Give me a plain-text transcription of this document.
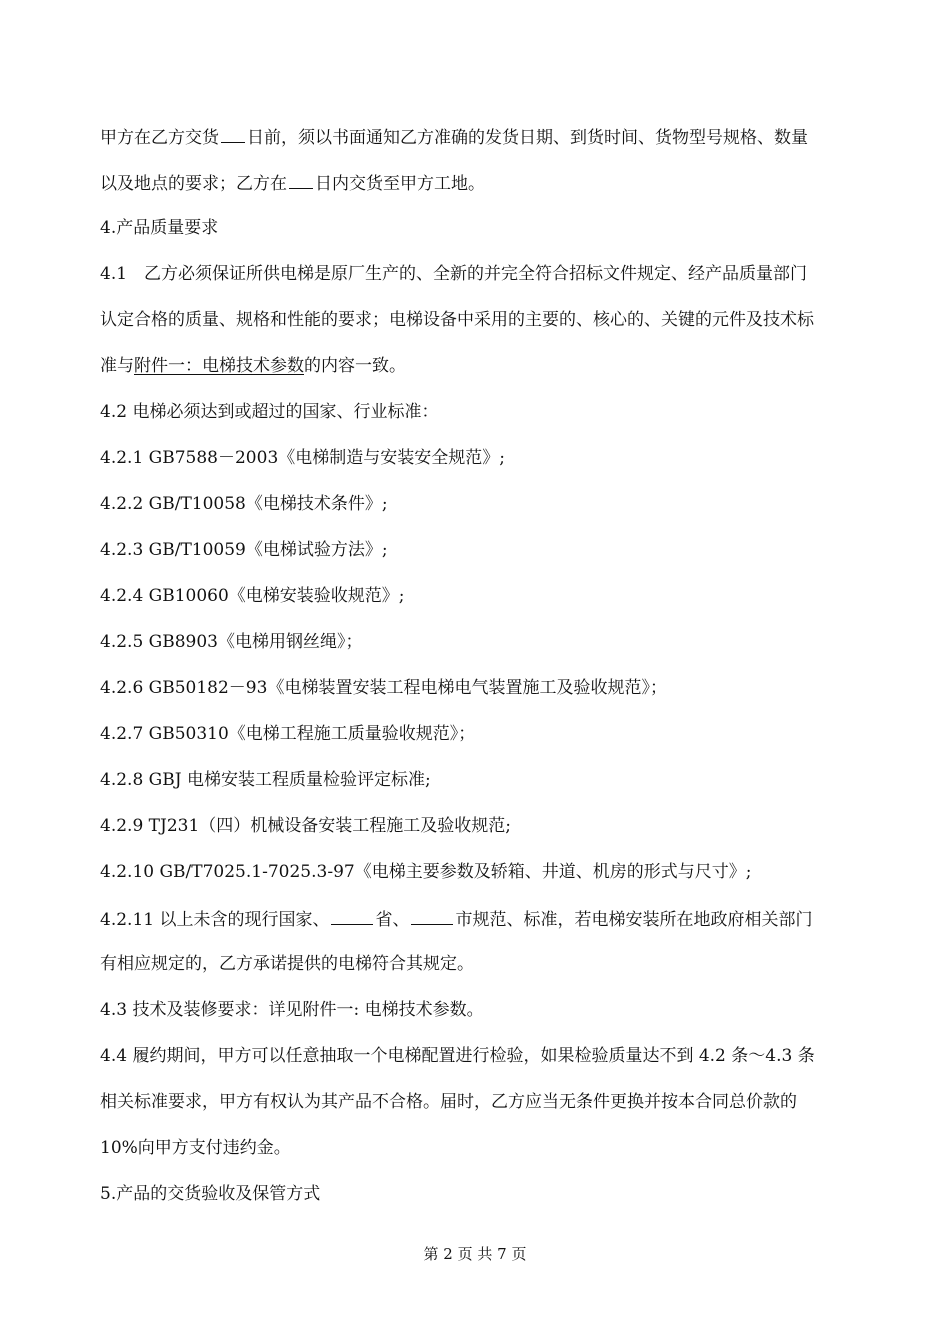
甲方在乙方交货 日前，须以书面通知乙方准确的发货日期、到货时间、货物型号规格、数量
以及地点的要求；乙方在 日内交货至甲方工地。
4.产品质量要求
4.1　乙方必须保证所供电梯是原厂生产的、全新的并完全符合招标文件规定、经产品质量部门
认定合格的质量、规格和性能的要求；电梯设备中采用的主要的、核心的、关键的元件及技术标
准与附件一：电梯技术参数的内容一致。
4.2 电梯必须达到或超过的国家、行业标准：
4.2.1 GB7588－2003《电梯制造与安装安全规范》;
4.2.2 GB/T10058《电梯技术条件》;
4.2.3 GB/T10059《电梯试验方法》;
4.2.4 GB10060《电梯安装验收规范》;
4.2.5 GB8903《电梯用钢丝绳》；
4.2.6 GB50182－93《电梯装置安装工程电梯电气装置施工及验收规范》；
4.2.7 GB50310《电梯工程施工质量验收规范》；
4.2.8 GBJ 电梯安装工程质量检验评定标准;
4.2.9 TJ231（四）机械设备安装工程施工及验收规范;
4.2.10 GB/T7025.1-7025.3-97《电梯主要参数及轿箱、井道、机房的形式与尺寸》;
4.2.11 以上未含的现行国家、	省、	市规范、标准，若电梯安装所在地政府相关部门
有相应规定的，乙方承诺提供的电梯符合其规定。
4.3 技术及装修要求：详见附件一: 电梯技术参数。
4.4 履约期间，甲方可以任意抽取一个电梯配置进行检验，如果检验质量达不到 4.2 条～4.3 条
相关标准要求，甲方有权认为其产品不合格。届时，乙方应当无条件更换并按本合同总价款的
10%向甲方支付违约金。
5.产品的交货验收及保管方式
第 2 页 共 7 页
